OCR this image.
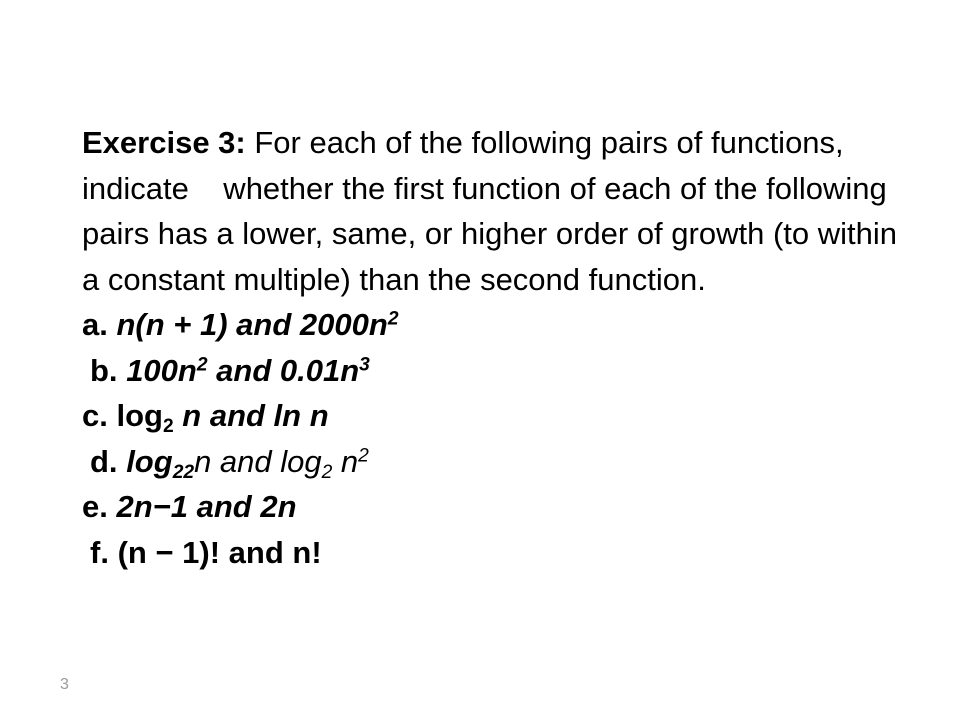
Exercise 3: For each of the following pairs of functions, indicate    whether the first function of each of the following pairs has a lower, same, or higher order of growth (to within a constant multiple) than the second function.

a. n(n + 1) and $2000n^2$

b. $100n^2$ and $0.01n^3$

c. $\log_2 n$ and ln n

d. $\log_{22}n$ and $\log_2 n^2$

e. 2n−1 and 2n

f. (n − 1)! and n!

3
